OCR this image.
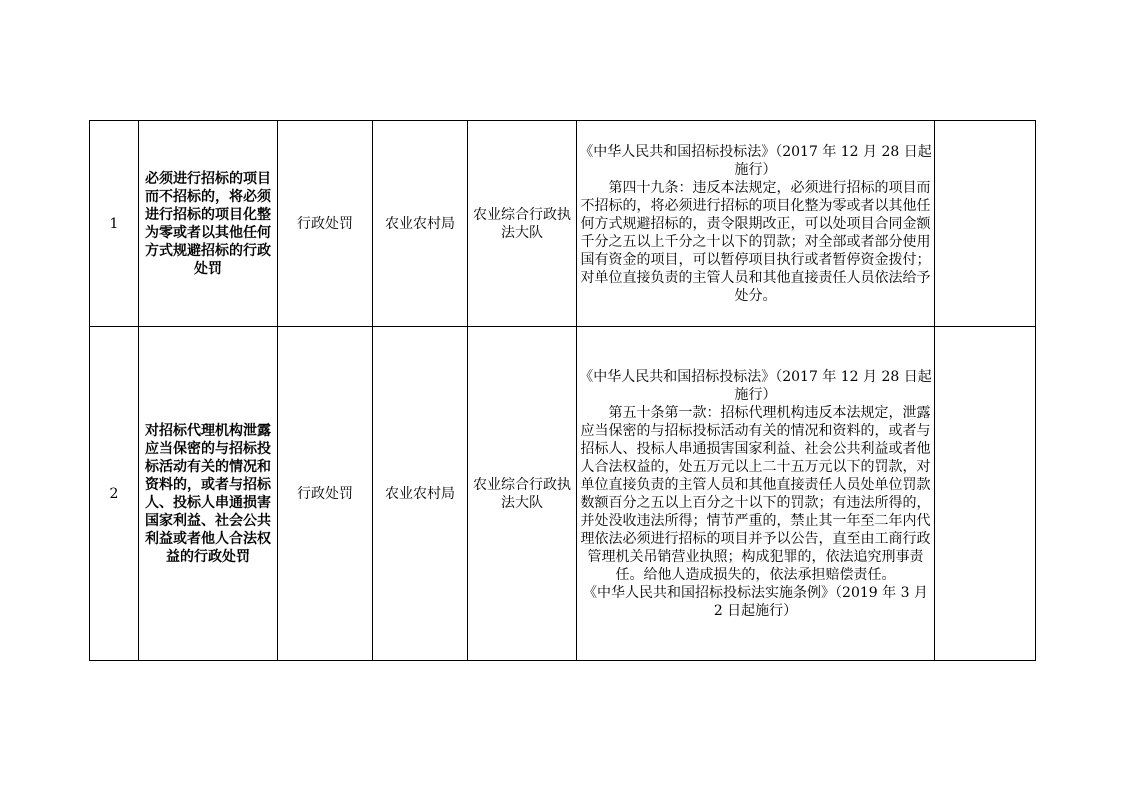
1	必须进行招标的项目而不招标的，将必须进行招标的项目化整为零或者以其他任何方式规避招标的行政处罚	行政处罚	农业农村局	农业综合行政执法大队	《中华人民共和国招标投标法》（2017 年 12 月 28 日起施行）
第四十九条：违反本法规定，必须进行招标的项目而不招标的，将必须进行招标的项目化整为零或者以其他任何方式规避招标的，责令限期改正，可以处项目合同金额千分之五以上千分之十以下的罚款；对全部或者部分使用国有资金的项目，可以暂停项目执行或者暂停资金拨付；对单位直接负责的主管人员和其他直接责任人员依法给予处分。	

2	对招标代理机构泄露应当保密的与招标投标活动有关的情况和资料的，或者与招标人、投标人串通损害国家利益、社会公共利益或者他人合法权益的行政处罚	行政处罚	农业农村局	农业综合行政执法大队	《中华人民共和国招标投标法》（2017 年 12 月 28 日起施行）
第五十条第一款：招标代理机构违反本法规定，泄露应当保密的与招标投标活动有关的情况和资料的，或者与招标人、投标人串通损害国家利益、社会公共利益或者他人合法权益的，处五万元以上二十五万元以下的罚款，对单位直接负责的主管人员和其他直接责任人员处单位罚款数额百分之五以上百分之十以下的罚款；有违法所得的，并处没收违法所得；情节严重的，禁止其一年至二年内代理依法必须进行招标的项目并予以公告，直至由工商行政管理机关吊销营业执照；构成犯罪的，依法追究刑事责任。给他人造成损失的，依法承担赔偿责任。
《中华人民共和国招标投标法实施条例》（2019 年 3 月 2 日起施行）	
